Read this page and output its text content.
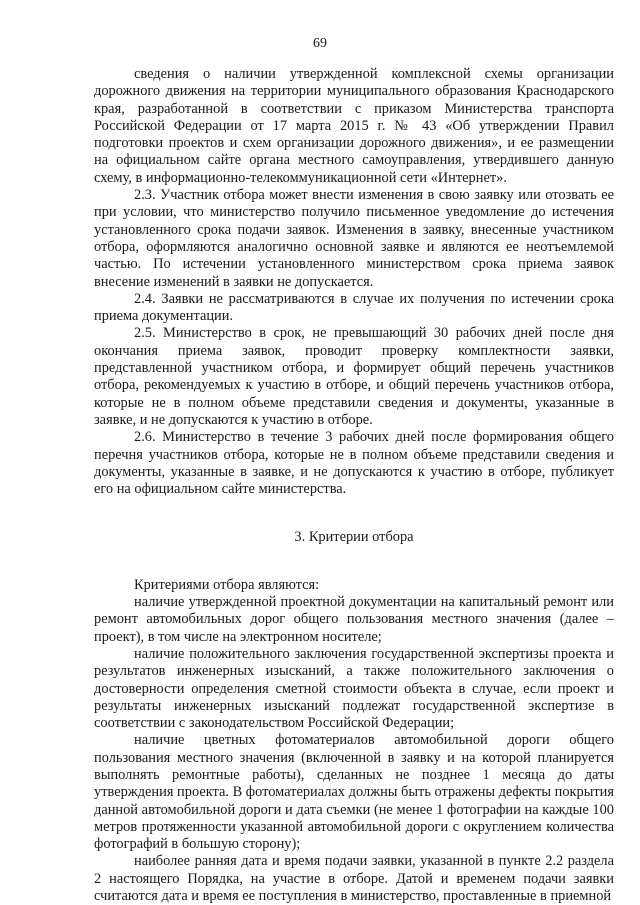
69

сведения о наличии утвержденной комплексной схемы организации дорожного движения на территории муниципального образования Краснодарского края, разработанной в соответствии с приказом Министерства транспорта Российской Федерации от 17 марта 2015 г. № 43 «Об утверждении Правил подготовки проектов и схем организации дорожного движения», и ее размещении на официальном сайте органа местного самоуправления, утвердившего данную схему, в информационно-телекоммуникационной сети «Интернет».

2.3. Участник отбора может внести изменения в свою заявку или отозвать ее при условии, что министерство получило письменное уведомление до истечения установленного срока подачи заявок. Изменения в заявку, внесенные участником отбора, оформляются аналогично основной заявке и являются ее неотъемлемой частью. По истечении установленного министерством срока приема заявок внесение изменений в заявки не допускается.

2.4. Заявки не рассматриваются в случае их получения по истечении срока приема документации.

2.5. Министерство в срок, не превышающий 30 рабочих дней после дня окончания приема заявок, проводит проверку комплектности заявки, представленной участником отбора, и формирует общий перечень участников отбора, рекомендуемых к участию в отборе, и общий перечень участников отбора, которые не в полном объеме представили сведения и документы, указанные в заявке, и не допускаются к участию в отборе.

2.6. Министерство в течение 3 рабочих дней после формирования общего перечня участников отбора, которые не в полном объеме представили сведения и документы, указанные в заявке, и не допускаются к участию в отборе, публикует его на официальном сайте министерства.

3. Критерии отбора

Критериями отбора являются:

наличие утвержденной проектной документации на капитальный ремонт или ремонт автомобильных дорог общего пользования местного значения (далее – проект), в том числе на электронном носителе;

наличие положительного заключения государственной экспертизы проекта и результатов инженерных изысканий, а также положительного заключения о достоверности определения сметной стоимости объекта в случае, если проект и результаты инженерных изысканий подлежат государственной экспертизе в соответствии с законодательством Российской Федерации;

наличие цветных фотоматериалов автомобильной дороги общего пользования местного значения (включенной в заявку и на которой планируется выполнять ремонтные работы), сделанных не позднее 1 месяца до даты утверждения проекта. В фотоматериалах должны быть отражены дефекты покрытия данной автомобильной дороги и дата съемки (не менее 1 фотографии на каждые 100 метров протяженности указанной автомобильной дороги с округлением количества фотографий в большую сторону);

наиболее ранняя дата и время подачи заявки, указанной в пункте 2.2 раздела 2 настоящего Порядка, на участие в отборе. Датой и временем подачи заявки считаются дата и время ее поступления в министерство, проставленные в приемной
